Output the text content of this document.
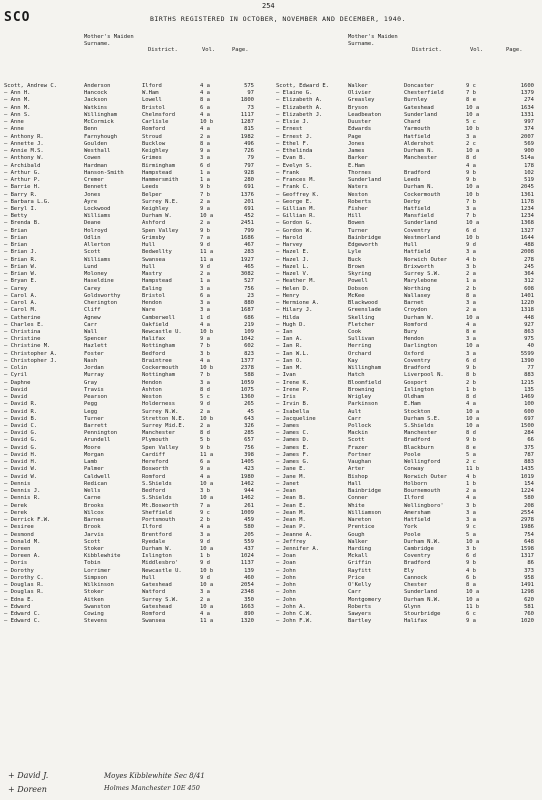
254
SCO	BIRTHS REGISTERED IN OCTOBER, NOVEMBER AND DECEMBER, 1940.
Mother's Maiden Surname.
District.	Vol.	Page.
Mother's Maiden Surname.
District.	Vol.	Page.
Scott, Andrew C.	Anderson	Ilford	4 a	575
— Ann H.	Hancock	W.Ham	4 a	97
— Ann M.	Jackson	Lowell	8 a	1800
— Ann M.	Watkins	Bristol	6 a	73
— Ann S.	Willingham	Chelmsford	4 a	1117
— Anne	McCormick	Carlisle	10 b	1287
— Anne	Benn	Romford	4 a	815
— Anthony R.	Farnyhough	Stroud	2 a	1982
— Annette J.	Goulden	Bucklow	8 a	496
— Annie M.S.	Westhall	Keighley	9 a	726
— Anthony W.	Cowen	Grimes	3 a	79
— Archibald	Hardman	Birmingham	6 d	797
— Arthur G.	Hanson-Smith	Hampstead	1 a	928
— Arthur P.	Cremer	Hammersmith	1 a	280
— Barrie H.	Bennett	Leeds	9 b	691
— Barry R.	Jones	Belper	7 b	1376
— Barbara L.G.	Ayre	Surrey N.E.	2 a	201
— Beryl I.	Lockwood	Keighley	9 a	691
— Betty	Williams	Durham W.	10 a	452
— Brenda B.	Deane	Ashford	2 a	2451
— Brian	Holroyd	Spen Valley	9 b	799
— Brian	Odlin	Grimsby	7 a	1686
— Brian	Allerton	Hull	9 d	467
— Brian J.	Scott	Bedwellty	11 a	283
— Brian R.	Williams	Swansea	11 a	1927
— Brian W.	Lund	Hull	9 d	465
— Brian W.	Moloney	Mastry	2 a	3082
— Bryan E.	Haseldine	Hampstead	1 a	527
— Carey	Carey	Ealing	3 a	756
— Carol A.	Goldsworthy	Bristol	6 a	23
— Carol A.	Cherington	Hendon	3 a	880
— Carol M.	Cliff	Ware	3 a	1687
— Catherine	Agnew	Camberwell	1 d	686
— Charles E.	Carr	Oakfield	4 a	219
— Christina	Wall	Newcastle U.	10 b	109
— Christine	Spencer	Halifax	9 a	1042
— Christine M.	Hazlett	Nottingham	7 b	602
— Christopher A.	Foster	Bedford	3 b	823
— Christopher J.	Nash	Braintree	4 a	1377
— Colin	Jordan	Cockermouth	10 b	2378
— Cyril	Murray	Nottingham	7 b	588
— Daphne	Gray	Hendon	3 a	1059
— David	Travis	Ashton	8 d	1075
— David	Pearson	Weston	5 c	1360
— David R.	Pegg	Holderness	9 d	265
— David R.	Legg	Surrey N.W.	2 a	45
— David B.	Turner	Stretton N.E.	10 b	643
— David C.	Barrett	Surrey Mid.E.	2 a	326
— David G.	Pennington	Manchester	8 d	285
— David G.	Arundell	Plymouth	5 b	657
— David G.	Moore	Spen Valley	9 b	756
— David H.	Morgan	Cardiff	11 a	398
— David H.	Lamb	Hereford	6 a	1405
— David W.	Palmer	Bosworth	9 a	423
— David W.	Caldwell	Romford	4 a	1980
— Dennis	Redican	S.Shields	10 a	1462
— Dennis J.	Wells	Bedford	3 b	944
— Dennis R.	Carne	S.Shields	10 a	1462
— Derek	Brooks	Mt.Bosworth	7 a	261
— Derek	Wilcox	Sheffield	9 c	1009
— Derrick F.W.	Barnes	Portsmouth	2 b	459
— Desiree	Brook	Ilford	4 a	580
— Desmond	Jarvis	Brentford	3 a	205
— Donald M.	Scott	Ryedale	9 d	559
— Doreen	Stoker	Durham W.	10 a	437
— Doreen A.	Kibblewhite	Islington	1 b	1024
— Doris	Tobin	Middlesbro'	9 d	1137
— Dorothy	Lorrimer	Newcastle U.	10 b	139
— Dorothy C.	Simpson	Hull	9 d	460
— Douglas R.	Wilkinson	Gateshead	10 a	2054
— Douglas R.	Stoker	Watford	3 a	2348
— Edna E.	Aitken	Surrey S.W.	2 a	350
— Edward	Swanston	Gateshead	10 a	1663
— Edward C.	Cowing	Romford	4 a	890
— Edward C.	Stevens	Swansea	11 a	1320
Scott, Edward E.	Walker	Doncaster	9 c	1600
— Elaine G.	Olivier	Chesterfield	7 b	1379
— Elizabeth A.	Greasley	Burnley	8 e	274
— Elizabeth A.	Bryson	Gateshead	10 a	1634
— Elizabeth J.	Leadbeaton	Sunderland	10 a	1331
— Elsie J.	Duuster	Chard	5 c	997
— Ernest	Edwards	Yarmouth	10 b	374
— Ernest J.	Page	Hatfield	3 a	2007
— Ethel F.	Jones	Aldershot	2 c	569
— Ethelinda	James	Durham N.	10 a	900
— Evan B.	Barker	Manchester	8 d	514a
— Evelyn S.	E.Ham	4 a	178
— Frank	Thornes	Bradford	9 b	102
— Frances M.	Sunderland	Leeds	9 b	519
— Frank C.	Waters	Durham N.	10 a	2045
— Geoffrey K.	Weston	Cockermouth	10 b	1361
— George E.	Roberts	Derby	7 b	1178
— Gillian M.	Fisher	Hatfield	3 a	1234
— Gillian R.	Hill	Mansfield	7 b	1234
— Gordon G.	Bowen	Sunderland	10 a	1368
— Gordon W.	Turner	Coventry	6 d	1327
— Harold	Bainbridge	Westmorland	10 b	1644
— Harvey	Edgeworth	Hull	9 d	488
— Hazel E.	Lyle	Hatfield	3 a	2008
— Hazel J.	Buck	Norwich Outer	4 b	278
— Hazel L.	Brown	Brixworth	3 b	245
— Hazel V.	Skyring	Surrey S.W.	2 a	364
— Heather M.	Powell	Marylebone	1 a	312
— Helen D.	Dobson	Worthing	2 b	608
— Henry	McKee	Wallasey	8 a	1401
— Hermione A.	Blackwood	Barnet	3 a	1220
— Hilary J.	Greenslade	Croydon	2 a	1318
— Hilda	Skelling	Durham W.	10 a	448
— Hugh D.	Fletcher	Romford	4 a	927
— Ian	Cook	Bury	8 e	863
— Ian A.	Sullivan	Hendon	3 a	975
— Ian R.	Herring	Darlington	10 a	40
— Ian W.L.	Orchard	Oxford	3 a	5599
— Ian O.	Kay	Coventry	6 d	1390
— Ian M.	Willingham	Bradford	9 b	77
— Ivan	Hatch	Liverpool N.	8 b	883
— Irene K.	Bloomfield	Gosport	2 b	1215
— Irene P.	Browning	Islington	1 b	135
— Iris	Wrigley	Oldham	8 d	1469
— Irvin B.	Parkinson	E.Ham	4 a	100
— Isabella	Ault	Stockton	10 a	600
— Jacqueline	Carr	Durham S.E.	10 a	697
— James	Pollock	S.Shields	10 a	1500
— James C.	Mackin	Manchester	8 d	284
— James D.	Scott	Bradford	9 b	66
— James E.	Frazer	Blackburn	8 e	375
— James F.	Fortner	Poole	5 a	787
— James G.	Vaughan	Wellingford	2 c	883
— Jane E.	Arter	Conway	11 b	1435
— Jane M.	Bishop	Norwich Outer	4 b	1019
— Janet	Hall	Holborn	1 b	154
— Jean	Bainbridge	Bournemouth	2 a	1224
— Jean B.	Conner	Ilford	4 a	580
— Jean E.	White	Wellingboro'	3 b	208
— Jean M.	Williamson	Amersham	3 a	2554
— Jean M.	Wareton	Hatfield	3 a	2978
— Jean P.	Prentice	York	9 c	1986
— Jeanne A.	Gough	Poole	5 a	754
— Jeffrey	Walker	Durham N.W.	10 a	648
— Jennifer A.	Harding	Cambridge	3 b	1598
— Joan	Mckall	Coventry	6 d	1317
— Joan	Griffin	Bradford	9 b	86
— John	Rayfitt	Ely	4 b	373
— John	Price	Cannock	6 b	958
— John	O'Kelly	Chester	8 a	1491
— John	Carr	Sunderland	10 a	1298
— John	Montgomery	Durham N.W.	10 a	620
— John A.	Roberts	Glynn	11 b	581
— John C.W.	Sawyers	Stourbridge	6 c	760
— John F.W.	Bartley	Halifax	9 a	1020
+ David J.
+ Doreen
Moyes Kibblewhite Sec 8/41
Holmes Manchester 10E 450
